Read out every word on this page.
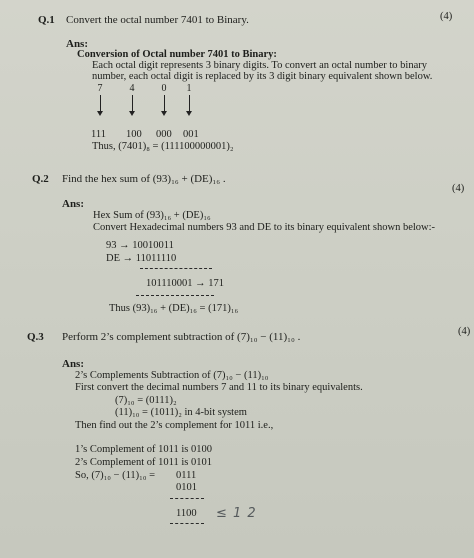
Q.1 Convert the octal number 7401 to Binary.	(4)
Ans:
Conversion of Octal number 7401 to Binary:
Each octal digit represents 3 binary digits. To convert an octal number to binary
number, each octal digit is replaced by its 3 digit binary equivalent shown below.
7	4	0	1
111 100 000 001
Thus, (7401)₈ = (111100000001)₂
Q.2 Find the hex sum of (93)₁₆ + (DE)₁₆ .
(4)
Ans:
Hex Sum of (93)₁₆ + (DE)₁₆
Convert Hexadecimal numbers 93 and DE to its binary equivalent shown below:-
93 → 10010011
DE → 11011110
101110001 → 171
Thus (93)₁₆ + (DE)₁₆ = (171)₁₆
Q.3 Perform 2’s complement subtraction of (7)₁₀ − (11)₁₀ .	(4)
Ans:
2’s Complements Subtraction of (7)₁₀ − (11)₁₀
First convert the decimal numbers 7 and 11 to its binary equivalents.
(7)₁₀ = (0111)₂
(11)₁₀ = (1011)₂ in 4-bit system
Then find out the 2’s complement for 1011 i.e.,
1’s Complement of 1011 is 0100
2’s Complement of 1011 is 0101
So, (7)₁₀ − (11)₁₀ = 0111
0101
1100 ≤ 1 2
